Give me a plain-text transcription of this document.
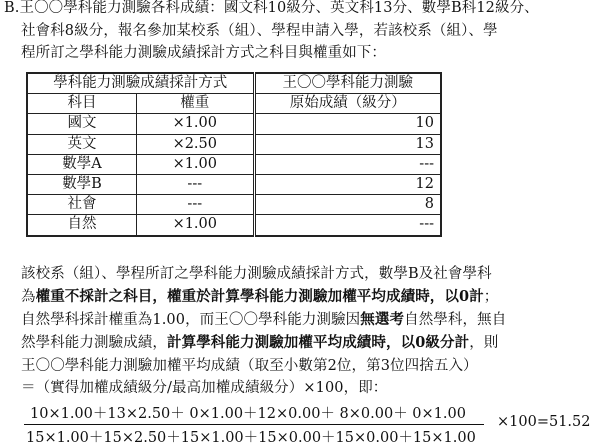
B.王〇〇學科能力測驗各科成績：國文科10級分、英文科13分、數學B科12級分、
社會科8級分，報名參加某校系（組）、學程申請入學，若該校系（組）、學
程所訂之學科能力測驗成績採計方式之科目與權重如下：
學科能力測驗成績採計方式		王〇〇學科能力測驗
科目	權重	原始成績（級分）
國文	×1.00	10
英文	×2.50	13
數學A	×1.00	---
數學B	---	12
社會	---	8
自然	×1.00	---
該校系（組）、學程所訂之學科能力測驗成績採計方式，數學B及社會學科
為權重不採計之科目，權重於計算學科能力測驗加權平均成績時，以0計；
自然學科採計權重為1.00，而王〇〇學科能力測驗因無選考自然學科，無自
然學科能力測驗成績，計算學科能力測驗加權平均成績時，以0級分計，則
王〇〇學科能力測驗加權平均成績（取至小數第2位，第3位四捨五入）
＝（實得加權成績級分/最高加權成績級分）×100，即：
10×1.00＋13×2.50＋ 0×1.00＋12×0.00＋ 8×0.00＋ 0×1.00
15×1.00＋15×2.50＋15×1.00＋15×0.00＋15×0.00＋15×1.00
×100=51.52
